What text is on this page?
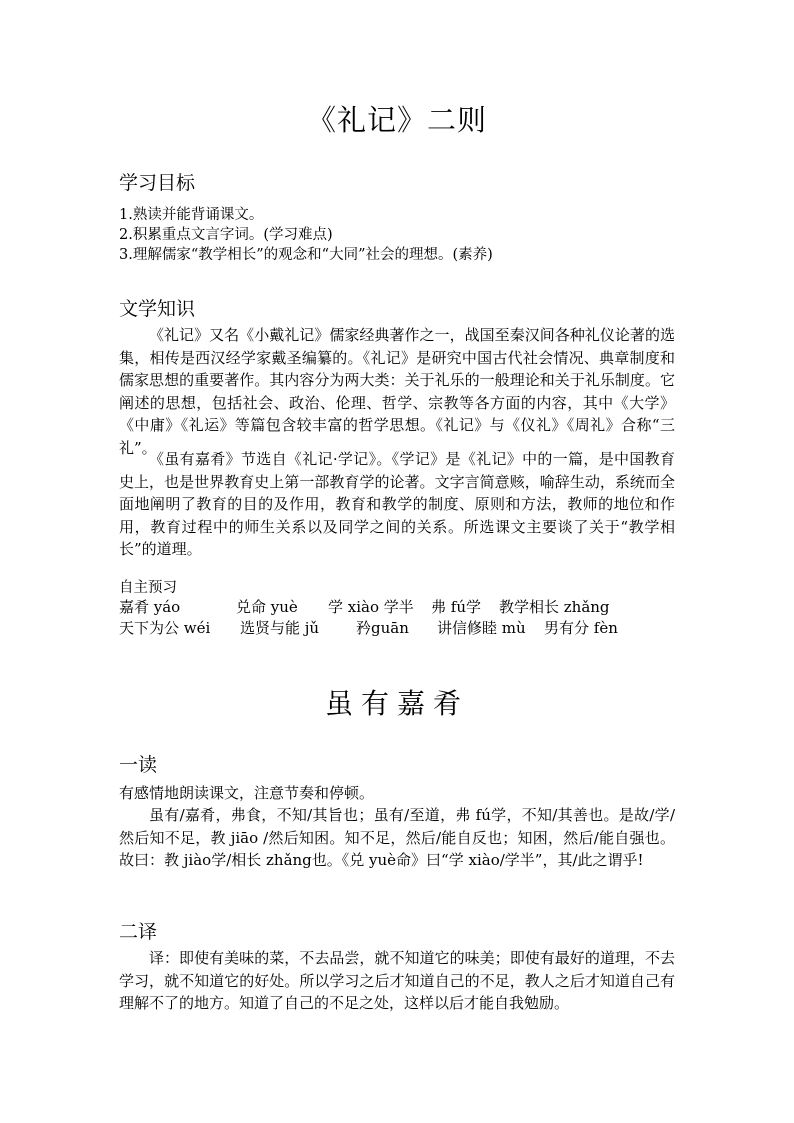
《礼记》二则
学习目标
1.熟读并能背诵课文。
2.积累重点文言字词。(学习难点)
3.理解儒家“教学相长”的观念和“大同”社会的理想。(素养)
文学知识
《礼记》又名《小戴礼记》儒家经典著作之一，战国至秦汉间各种礼仪论著的选集，相传是西汉经学家戴圣编纂的。《礼记》是研究中国古代社会情况、典章制度和儒家思想的重要著作。其内容分为两大类：关于礼乐的一般理论和关于礼乐制度。它阐述的思想，包括社会、政治、伦理、哲学、宗教等各方面的内容，其中《大学》《中庸》《礼运》等篇包含较丰富的哲学思想。《礼记》与《仪礼》《周礼》合称“三礼”。
《虽有嘉肴》节选自《礼记·学记》。《学记》是《礼记》中的一篇，是中国教育史上，也是世界教育史上第一部教育学的论著。文字言简意赅，喻辞生动，系统而全面地阐明了教育的目的及作用，教育和教学的制度、原则和方法，教师的地位和作用，教育过程中的师生关系以及同学之间的关系。所选课文主要谈了关于“教学相长”的道理。
自主预习
嘉肴 yáo	兑命 yuè 学 xiào 学半 弗 fú学 教学相长 zhǎng
天下为公 wéi 选贤与能 jǔ 矜guān 讲信修睦 mù 男有分 fèn
虽有嘉肴
一读
有感情地朗读课文，注意节奏和停顿。
虽有/嘉肴，弗食，不知/其旨也；虽有/至道，弗 fú学，不知/其善也。是故/学/然后知不足，教 jiāo /然后知困。知不足，然后/能自反也；知困，然后/能自强也。故曰：教 jiào学/相长 zhǎng也。《兑 yuè命》曰“学 xiào/学半”，其/此之谓乎!
二译
译：即使有美味的菜，不去品尝，就不知道它的味美；即使有最好的道理，不去学习，就不知道它的好处。所以学习之后才知道自己的不足，教人之后才知道自己有理解不了的地方。知道了自己的不足之处，这样以后才能自我勉励。
